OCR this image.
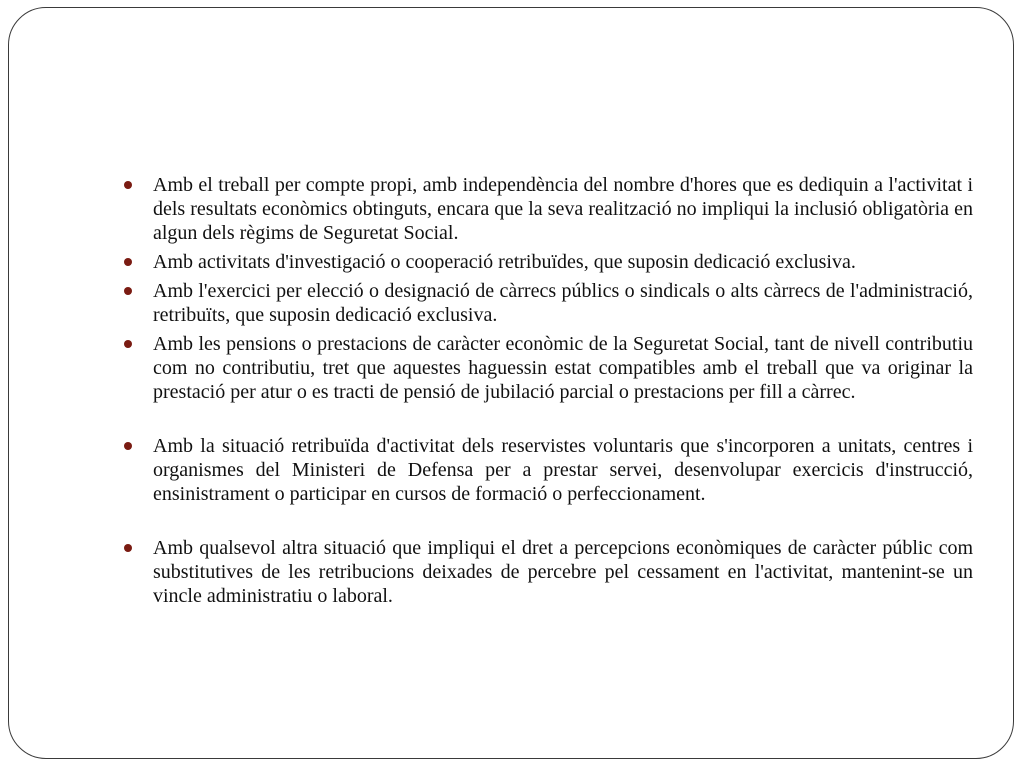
Amb el treball per compte propi, amb independència del nombre d'hores que es dediquin a l'activitat i dels resultats econòmics obtinguts, encara que la seva realització no impliqui la inclusió obligatòria en algun dels règims de Seguretat Social.
Amb activitats d'investigació o cooperació retribuïdes, que suposin dedicació exclusiva.
Amb l'exercici per elecció o designació de càrrecs públics o sindicals o alts càrrecs de l'administració, retribuïts, que suposin dedicació exclusiva.
Amb les pensions o prestacions de caràcter econòmic de la Seguretat Social, tant de nivell contributiu com no contributiu, tret que aquestes haguessin estat compatibles amb el treball que va originar la prestació per atur o es tracti de pensió de jubilació parcial o prestacions per fill a càrrec.
Amb la situació retribuïda d'activitat dels reservistes voluntaris que s'incorporen a unitats, centres i organismes del Ministeri de Defensa per a prestar servei, desenvolupar exercicis d'instrucció, ensinistrament o participar en cursos de formació o perfeccionament.
Amb qualsevol altra situació que impliqui el dret a percepcions econòmiques de caràcter públic com substitutives de les retribucions deixades de percebre pel cessament en l'activitat, mantenint-se un vincle administratiu o laboral.
